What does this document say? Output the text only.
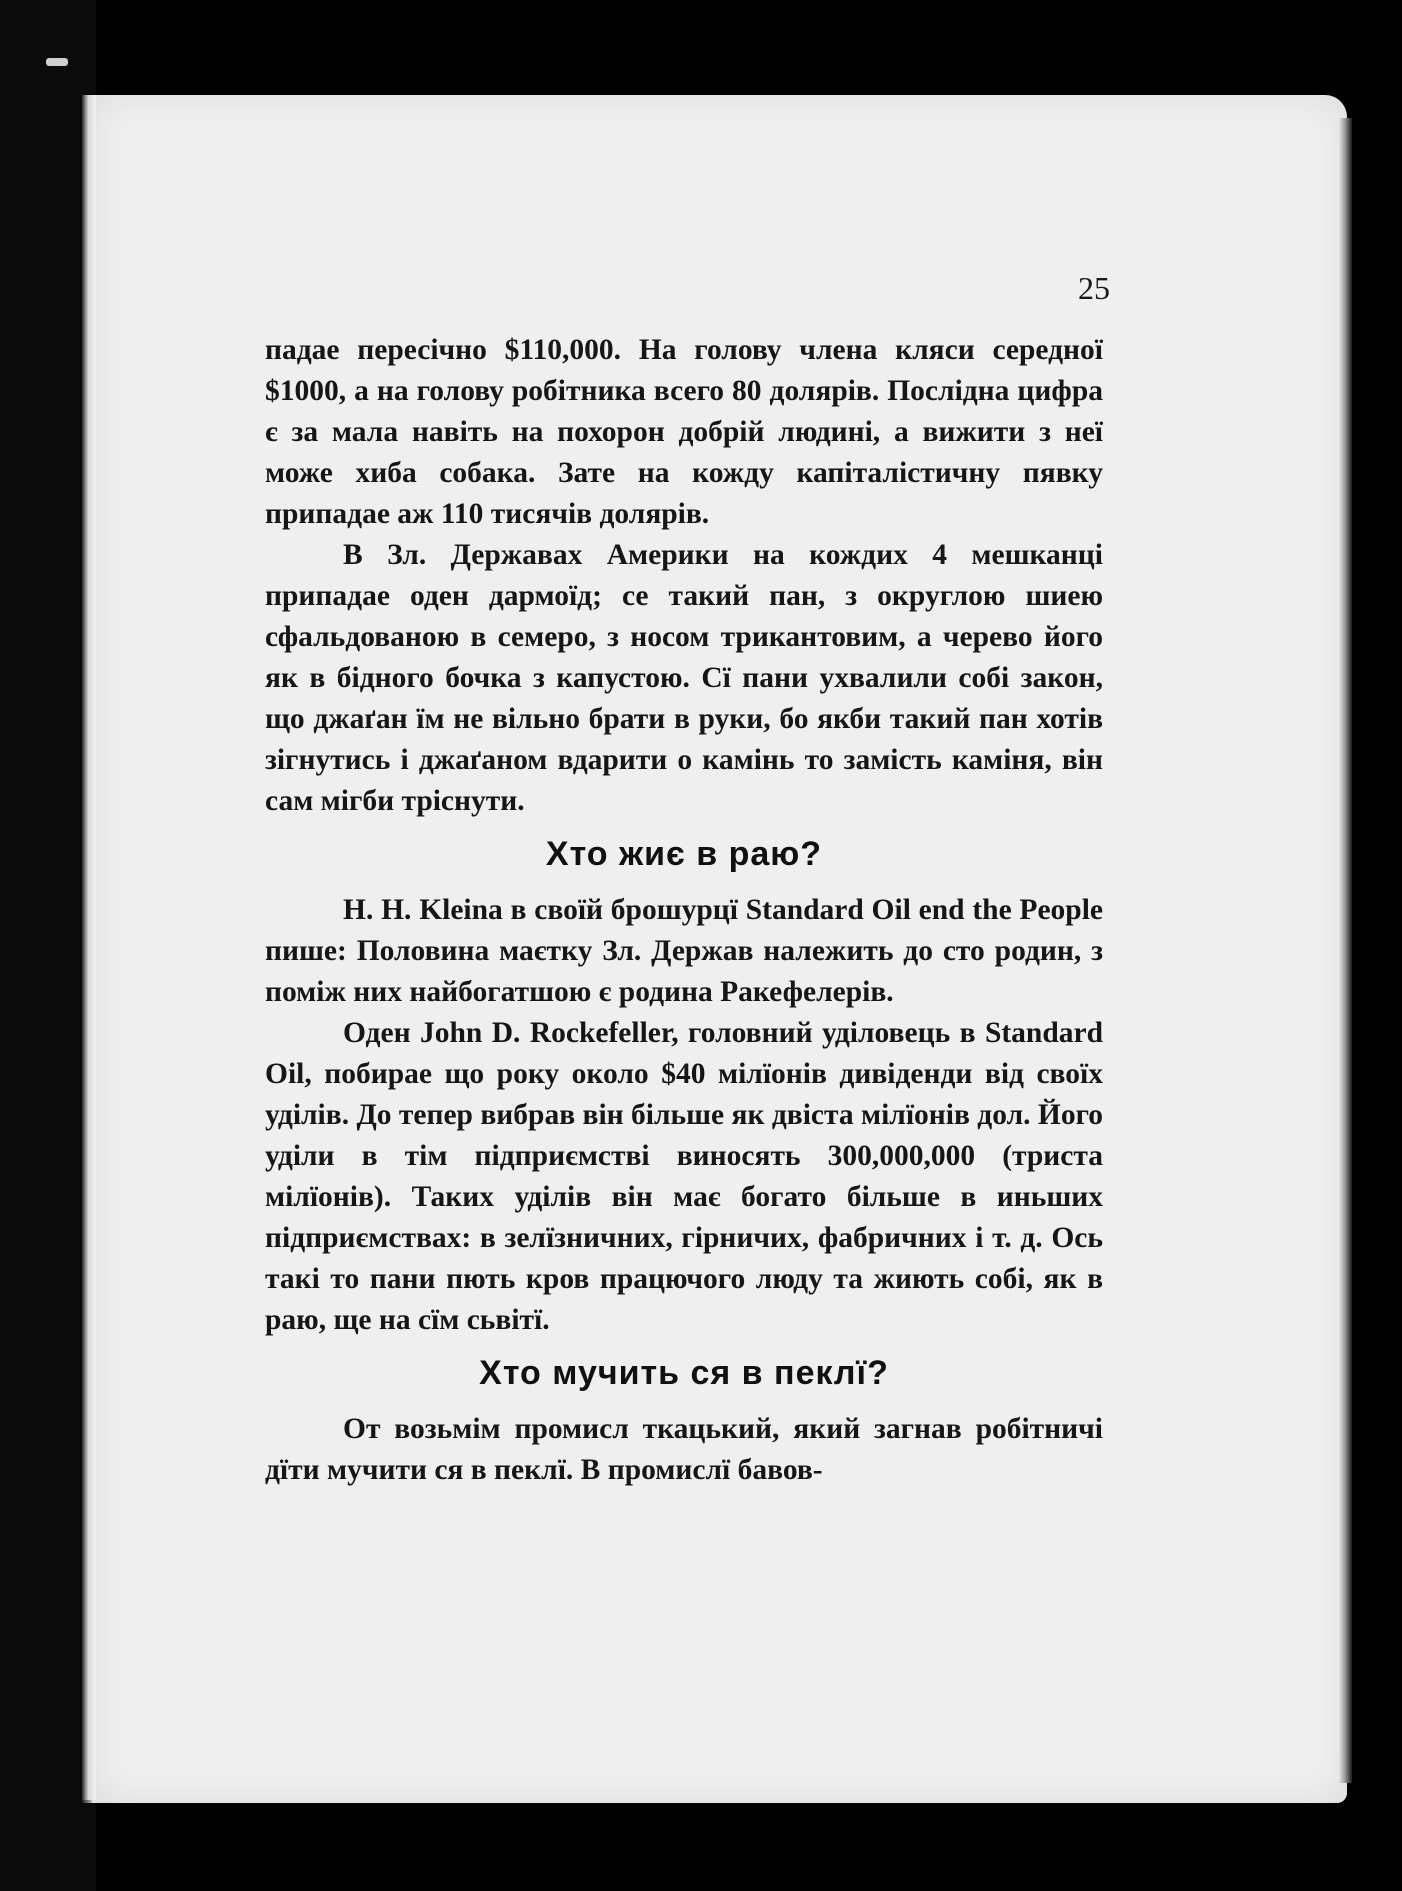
25

падае пересічно $110,000. На голову члена кляси середноï $1000, а на голову робітника всего 80 долярів. Послідна цифра є за мала навіть на похорон добрій людині, а вижити з неї може хиба собака. Зате на кожду капіталістичну пявку припадае аж 110 тисячів долярів.

В Зл. Державах Америки на кождих 4 мешканці припадае оден дармоїд; се такий пан, з округлою шиею сфальдованою в семеро, з носом трикантовим, а черево його як в бідного бочка з капустою. Сї пани ухвалили собі закон, що джаґан їм не вільно брати в руки, бо якби такий пан хотів зігнутись і джаґаном вдарити о камінь то замість каміня, він сам мігби тріснути.

Хто жиє в раю?

H. H. Kleina в своїй брошурцї Standard Oil end the People пише: Половина маєтку Зл. Держав належить до сто родин, з поміж них найбогатшою є родина Ракефелерів.

Оден John D. Rockefeller, головний уділовець в Standard Oil, побирае що року около $40 мілїонів дивіденди від своїх уділів. До тепер вибрав він більше як двіста мілїонів дол. Його уділи в тім підприємстві виносять 300,000,000 (триста мілїонів). Таких уділів він має богато більше в иньших підприємствах: в зелїзничних, гірничих, фабричних і т. д. Ось такі то пани пють кров працючого люду та жиють собі, як в раю, ще на сїм сьвітї.

Хто мучить ся в пеклї?

От возьмім промисл ткацький, який загнав робітничі дїти мучити ся в пеклї. В промислї бавов-
